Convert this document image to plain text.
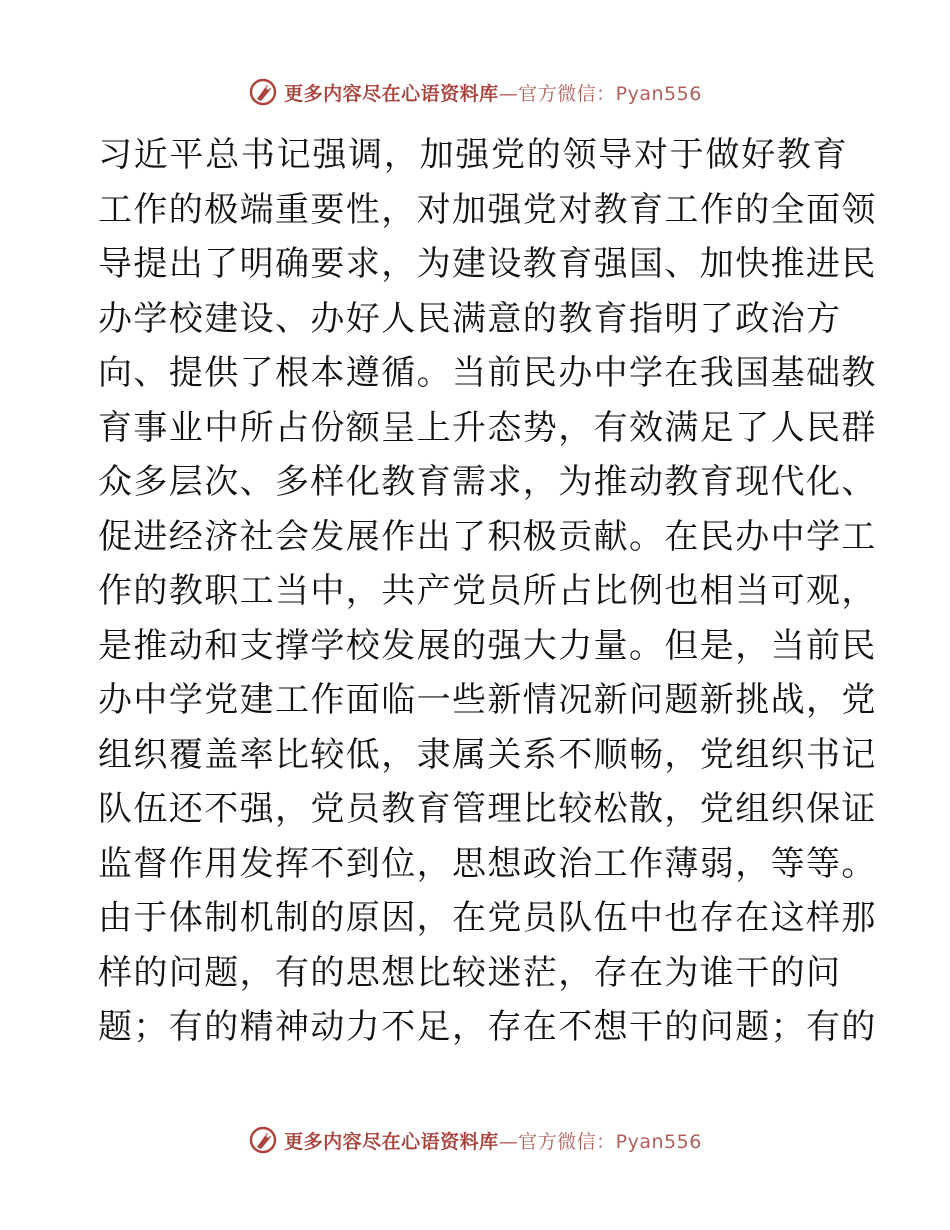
更多内容尽在心语资料库—官方微信：Pyan556
习近平总书记强调，加强党的领导对于做好教育
工作的极端重要性，对加强党对教育工作的全面领
导提出了明确要求，为建设教育强国、加快推进民
办学校建设、办好人民满意的教育指明了政治方
向、提供了根本遵循。当前民办中学在我国基础教
育事业中所占份额呈上升态势，有效满足了人民群
众多层次、多样化教育需求，为推动教育现代化、
促进经济社会发展作出了积极贡献。在民办中学工
作的教职工当中，共产党员所占比例也相当可观，
是推动和支撑学校发展的强大力量。但是，当前民
办中学党建工作面临一些新情况新问题新挑战，党
组织覆盖率比较低，隶属关系不顺畅，党组织书记
队伍还不强，党员教育管理比较松散，党组织保证
监督作用发挥不到位，思想政治工作薄弱，等等。
由于体制机制的原因，在党员队伍中也存在这样那
样的问题，有的思想比较迷茫，存在为谁干的问
题；有的精神动力不足，存在不想干的问题；有的
更多内容尽在心语资料库—官方微信：Pyan556
